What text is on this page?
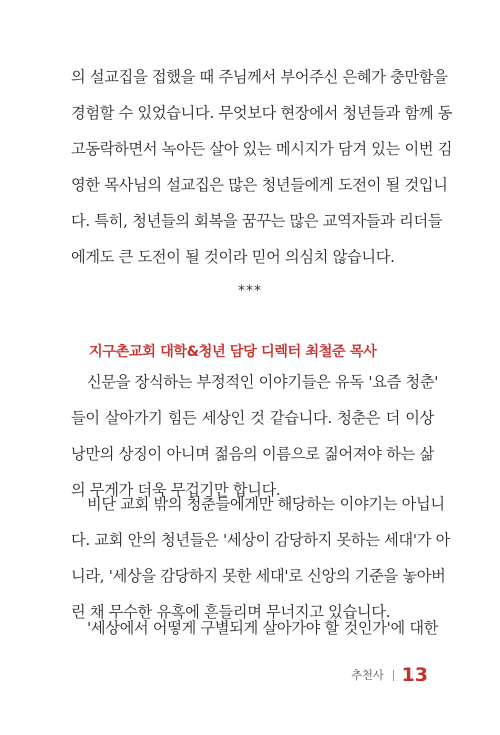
의 설교집을 접했을 때 주님께서 부어주신 은혜가 충만함을
경험할 수 있었습니다. 무엇보다 현장에서 청년들과 함께 동
고동락하면서 녹아든 살아 있는 메시지가 담겨 있는 이번 김
영한 목사님의 설교집은 많은 청년들에게 도전이 될 것입니
다. 특히, 청년들의 회복을 꿈꾸는 많은 교역자들과 리더들
에게도 큰 도전이 될 것이라 믿어 의심치 않습니다.
***
지구촌교회 대학&청년 담당 디렉터 최철준 목사
신문을 장식하는 부정적인 이야기들은 유독 '요즘 청춘'
들이 살아가기 힘든 세상인 것 같습니다. 청춘은 더 이상
낭만의 상징이 아니며 젊음의 이름으로 짊어져야 하는 삶
의 무게가 더욱 무겁기만 합니다.
비단 교회 밖의 청춘들에게만 해당하는 이야기는 아닙니
다. 교회 안의 청년들은 '세상이 감당하지 못하는 세대'가 아
니라, '세상을 감당하지 못한 세대'로 신앙의 기준을 놓아버
린 채 무수한 유혹에 흔들리며 무너지고 있습니다.
'세상에서 어떻게 구별되게 살아가야 할 것인가'에 대한
추천사 13
